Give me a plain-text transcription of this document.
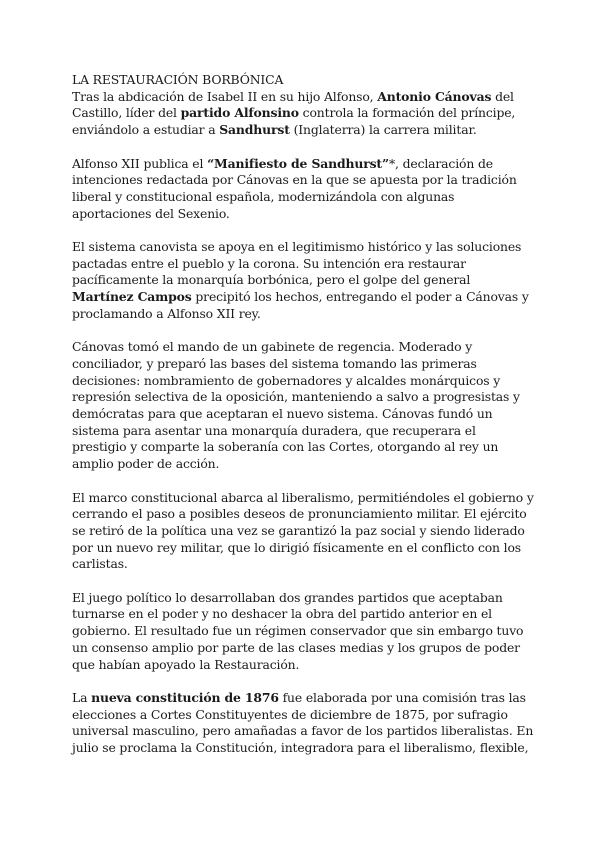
LA RESTAURACIÓN BORBÓNICA

Tras la abdicación de Isabel II en su hijo Alfonso, Antonio Cánovas del Castillo, líder del partido Alfonsino controla la formación del príncipe, enviándolo a estudiar a Sandhurst (Inglaterra) la carrera militar.

Alfonso XII publica el “Manifiesto de Sandhurst”*, declaración de intenciones redactada por Cánovas en la que se apuesta por la tradición liberal y constitucional española, modernizándola con algunas aportaciones del Sexenio.

El sistema canovista se apoya en el legitimismo histórico y las soluciones pactadas entre el pueblo y la corona. Su intención era restaurar pacíficamente la monarquía borbónica, pero el golpe del general Martínez Campos precipitó los hechos, entregando el poder a Cánovas y proclamando a Alfonso XII rey.

Cánovas tomó el mando de un gabinete de regencia. Moderado y conciliador, y preparó las bases del sistema tomando las primeras decisiones: nombramiento de gobernadores y alcaldes monárquicos y represión selectiva de la oposición, manteniendo a salvo a progresistas y demócratas para que aceptaran el nuevo sistema. Cánovas fundó un sistema para asentar una monarquía duradera, que recuperara el prestigio y comparte la soberanía con las Cortes, otorgando al rey un amplio poder de acción.

El marco constitucional abarca al liberalismo, permitiéndoles el gobierno y cerrando el paso a posibles deseos de pronunciamiento militar. El ejército se retiró de la política una vez se garantizó la paz social y siendo liderado por un nuevo rey militar, que lo dirigió físicamente en el conflicto con los carlistas.

El juego político lo desarrollaban dos grandes partidos que aceptaban turnarse en el poder y no deshacer la obra del partido anterior en el gobierno. El resultado fue un régimen conservador que sin embargo tuvo un consenso amplio por parte de las clases medias y los grupos de poder que habían apoyado la Restauración.

La nueva constitución de 1876 fue elaborada por una comisión tras las elecciones a Cortes Constituyentes de diciembre de 1875, por sufragio universal masculino, pero amañadas a favor de los partidos liberalistas. En julio se proclama la Constitución, integradora para el liberalismo, flexible,
